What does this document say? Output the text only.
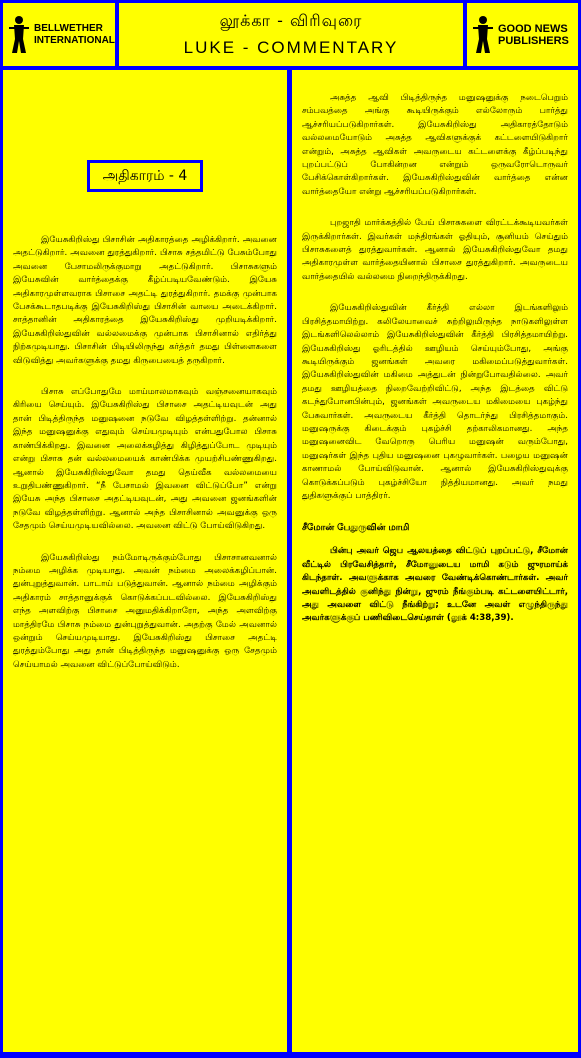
BELLWETHER
INTERNATIONAL
லூக்கா - விரிவுரை
LUKE - COMMENTARY
GOOD NEWS
PUBLISHERS
அதிகாரம் - 4

இயேசுகிறிஸ்து பிசாசின் அதிகாரத்தை அழிக்கிறார். அவனை அதட்டுகிறார். அவனை துரத்துகிறார். பிசாசு சத்தமிட்டு பேசும்போது அவனை பேசாமலிருக்குமாறு அதட்டுகிறார். பிசாசுகளும் இயேசுவின் வார்த்தைக்கு கீழ்ப்படியவேண்டும். இயேசு அதிகாரமுள்ளவராக பிசாசை அதட்டி துரத்துகிறார். தமக்கு முன்பாக பேசக்கூடாதபடிக்கு இயேசுகிறிஸ்து பிசாசின் வாயை அடைக்கிறார். சாத்தானின் அதிகாரத்தை இயேசுகிறிஸ்து முறியடிக்கிறார். இயேசுகிறிஸ்துவின் வல்லமைக்கு முன்பாக பிசாசினால் எதிர்த்து நிற்கமுடியாது. பிசாசின் பிடியிலிருந்து கர்த்தர் தமது பிள்ளைகளை விடுவித்து அவர்களுக்கு தமது கிருபையைத் தருகிறார்.

பிசாசு எப்போதுமே மாய்மாலமாகவும் வஞ்சனையாகவும் கிரியை செய்யும். இயேசுகிறிஸ்து பிசாசை அதட்டியவுடன் அது தான் பிடித்திருந்த மனுஷனை நடுவே விழத்தள்ளிற்று. தன்னால் இந்த மனுஷனுக்கு எதுவும் செய்யமுடியும் என்பதுபோல பிசாசு காண்பிக்கிறது. இவனை அலைக்கழித்து கிழித்துப்போட முடியும் என்று பிசாசு தன் வல்லமையைக் காண்பிக்க முயற்சிபண்ணுகிறது. ஆனால் இயேசுகிறிஸ்துவோ தமது தெய்வீக வல்லமையை உறுதிபண்ணுகிறார். “நீ பேசாமல் இவனை விட்டுப்போ” என்று இயேசு அந்த பிசாசை அதட்டியவுடன், அது அவனை ஜனங்களின் நடுவே விழத்தள்ளிற்று. ஆனால் அந்த பிசாசினால் அவனுக்கு ஒரு சேதமும் செய்யமுடியவில்லை. அவனை விட்டு போய்விடுகிறது.

இயேசுகிறிஸ்து நம்மோடிருக்கும்போது பிசாசானவனால் நம்மை அழிக்க முடியாது. அவன் நம்மை அலைக்கழிப்பான். துன்புறுத்துவான். பாடாய் படுத்துவான். ஆனால் நம்மை அழிக்கும் அதிகாரம் சாத்தானுக்குக் கொடுக்கப்படவில்லை. இயேசுகிறிஸ்து எந்த அளவிற்கு பிசாசை அனுமதிக்கிறாரோ, அந்த அளவிற்கு மாத்திரமே பிசாசு நம்மை துன்புறுத்துவான். அதற்கு மேல் அவனால் ஒன்றும் செய்யமுடியாது. இயேசுகிறிஸ்து பிசாசை அதட்டி துரத்தும்போது அது தான் பிடித்திருந்த மனுஷனுக்கு ஒரு சேதமும் செய்யாமல் அவனை விட்டுப்போய்விடும்.

அசுத்த ஆவி பிடித்திருந்த மனுஷனுக்கு நடைபெறும் சம்பவத்தை அங்கு கூடியிருக்கும் எல்லோரும் பார்த்து ஆச்சரியப்படுகிறார்கள். இயேசுகிறிஸ்து அதிகாரத்தோடும் வல்லமையோடும் அசுத்த ஆவிகளுக்குக் கட்டளையிடுகிறார் என்றும், அசுத்த ஆவிகள் அவருடைய கட்டளைக்கு கீழ்ப்படிந்து புறப்பட்டுப் போகின்றன என்றும் ஒருவரோடொருவர் பேசிக்கொள்கிறார்கள். இயேசுகிறிஸ்துவின் வார்த்தை என்ன வார்த்தையோ என்று ஆச்சரியப்படுகிறார்கள்.

புறஜாதி மார்க்கத்தில் பேய் பிசாசுகளை விரட்டக்கூடியவர்கள் இருக்கிறார்கள். இவர்கள் மந்திரங்கள் ஓதியும், சூனியம் செய்தும் பிசாசுகளைத் துரத்துவார்கள். ஆனால் இயேசுகிறிஸ்துவோ தமது அதிகாரமுள்ள வார்த்தையினால் பிசாசை துரத்துகிறார். அவருடைய வார்த்தையில் வல்லமை நிறைந்திருக்கிறது.

இயேசுகிறிஸ்துவின் கீர்த்தி எல்லா இடங்களிலும் பிரசித்தமாயிற்று. கலிலேயாவைச் சுற்றிலுமிருந்த நாடுகளிலுள்ள இடங்களிலெல்லாம் இயேசுகிறிஸ்துவின் கீர்த்தி பிரசித்தமாயிற்று. இயேசுகிறிஸ்து ஓரிடத்தில் ஊழியம் செய்யும்போது, அங்கு கூடியிருக்கும் ஜனங்கள் அவரை மகிமைப்படுத்துவார்கள். இயேசுகிறிஸ்துவின் மகிமை அத்துடன் நின்றுபோவதில்லை. அவர் தமது ஊழியத்தை நிறைவேற்றிவிட்டு, அந்த இடத்தை விட்டு கடந்துபோனபின்பும், ஜனங்கள் அவருடைய மகிமையை புகழ்ந்து பேசுவார்கள். அவருடைய கீர்த்தி தொடர்ந்து பிரசித்தமாகும். மனுஷருக்கு கிடைக்கும் புகழ்ச்சி தற்காலிகமானது. அந்த மனுஷனைவிட வேறொரு பெரிய மனுஷன் வரும்போது, மனுஷர்கள் இந்த புதிய மனுஷனை புகழுவார்கள். பழைய மனுஷன் காணாமல் போய்விடுவான். ஆனால் இயேசுகிறிஸ்துவுக்கு கொடுக்கப்படும் புகழ்ச்சியோ நித்தியமானது. அவர் நமது துதிகளுக்குப் பாத்திரர்.

சீமோன் பேதுருவின் மாமி

பின்பு அவர் ஜெப ஆலயத்தை விட்டுப் புறப்பட்டு, சீமோன் வீட்டில் பிரவேசித்தார், சீமோனுடைய மாமி கடும் ஜுரமாய்க் கிடந்தாள். அவளுக்காக அவரை வேண்டிக்கொண்டார்கள். அவர் அவளிடத்தில் குனிந்து நின்று, ஜுரம் நீங்கும்படி கட்டளையிட்டார், அது அவளை விட்டு நீங்கிற்று; உடனே அவள் எழுந்திருந்து அவர்களுக்குப் பணிவிடைசெய்தாள் (லூக் 4:38,39).
